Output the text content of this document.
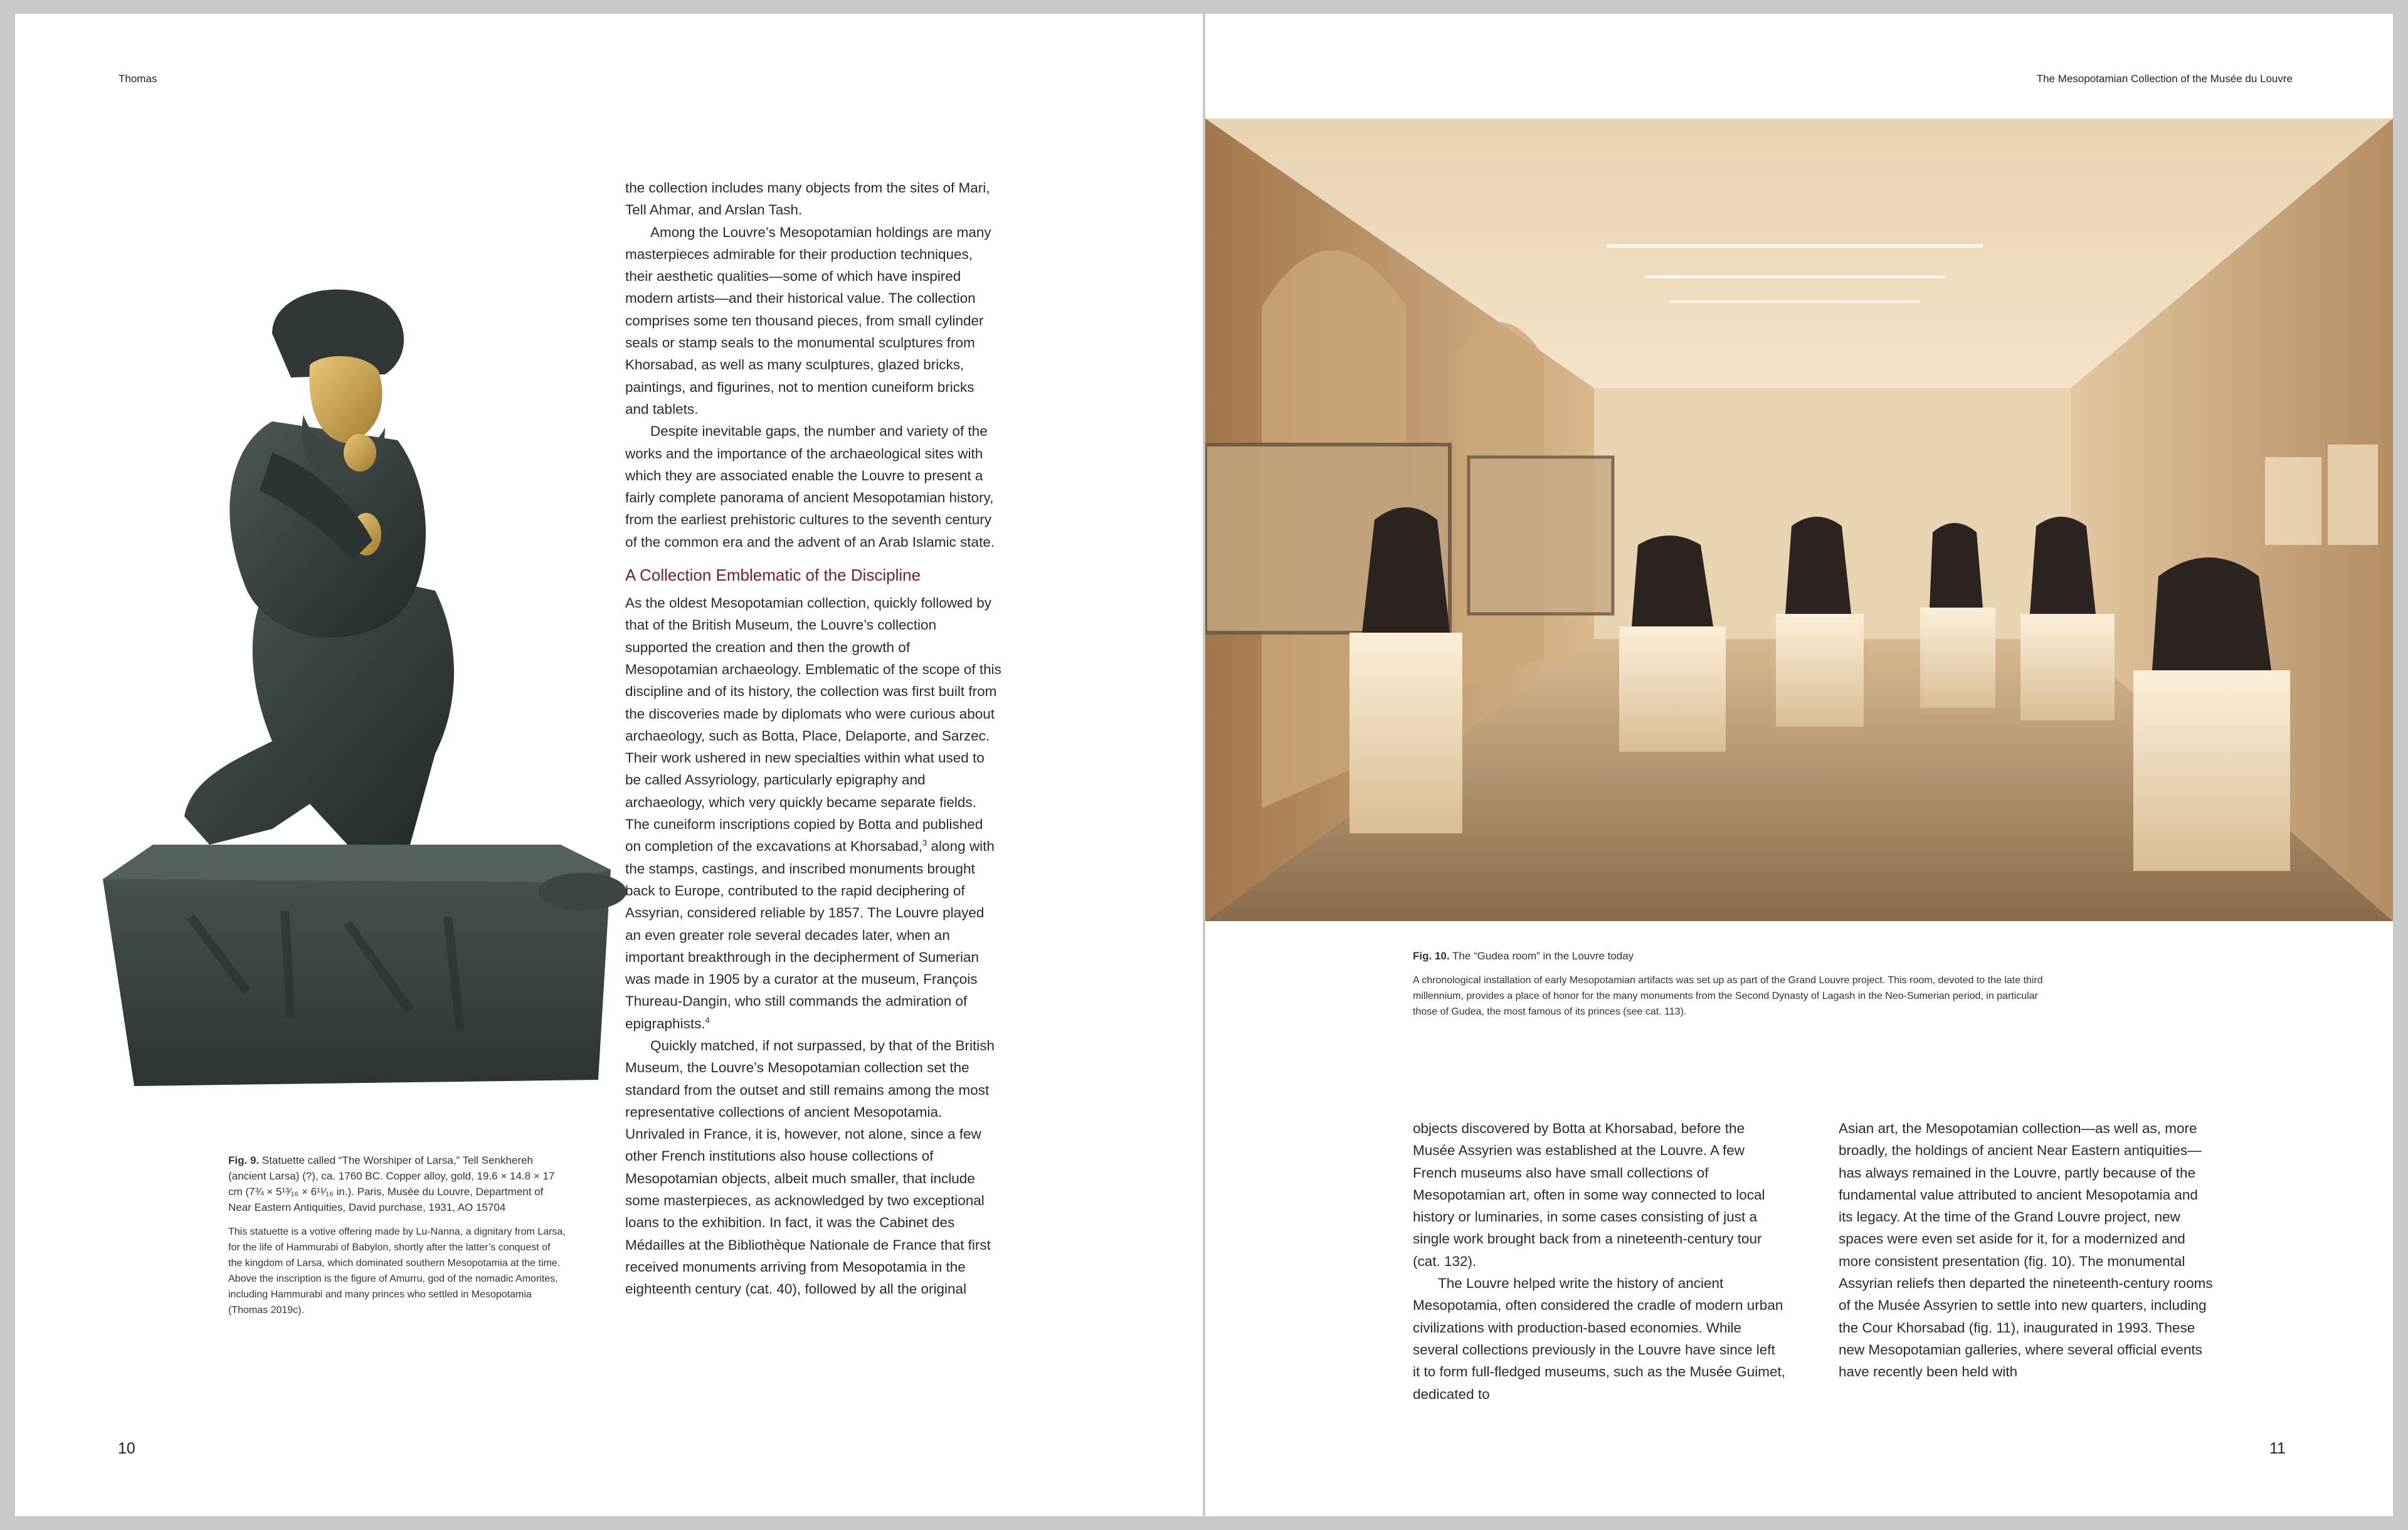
Thomas

Fig. 9. Statuette called “The Worshiper of Larsa,” Tell Senkhereh (ancient Larsa) (?), ca. 1760 BC. Copper alloy, gold, 19.6 × 14.8 × 17 cm (7¾ × 5¹³⁄₁₆ × 6¹¹⁄₁₆ in.). Paris, Musée du Louvre, Department of Near Eastern Antiquities, David purchase, 1931, AO 15704

This statuette is a votive offering made by Lu-Nanna, a dignitary from Larsa, for the life of Hammurabi of Babylon, shortly after the latter’s conquest of the kingdom of Larsa, which dominated southern Mesopotamia at the time. Above the inscription is the figure of Amurru, god of the nomadic Amorites, including Hammurabi and many princes who settled in Mesopotamia (Thomas 2019c).

the collection includes many objects from the sites of Mari, Tell Ahmar, and Arslan Tash.

Among the Louvre’s Mesopotamian holdings are many masterpieces admirable for their production techniques, their aesthetic qualities—some of which have inspired modern artists—and their historical value. The collection comprises some ten thousand pieces, from small cylinder seals or stamp seals to the monumental sculptures from Khorsabad, as well as many sculptures, glazed bricks, paintings, and figurines, not to mention cuneiform bricks and tablets.

Despite inevitable gaps, the number and variety of the works and the importance of the archaeological sites with which they are associated enable the Louvre to present a fairly complete panorama of ancient Mesopotamian history, from the earliest prehistoric cultures to the seventh century of the common era and the advent of an Arab Islamic state.

A Collection Emblematic of the Discipline

As the oldest Mesopotamian collection, quickly followed by that of the British Museum, the Louvre’s collection supported the creation and then the growth of Mesopotamian archaeology. Emblematic of the scope of this discipline and of its history, the collection was first built from the discoveries made by diplomats who were curious about archaeology, such as Botta, Place, Delaporte, and Sarzec. Their work ushered in new specialties within what used to be called Assyriology, particularly epigraphy and archaeology, which very quickly became separate fields. The cuneiform inscriptions copied by Botta and published on completion of the excavations at Khorsabad,$^3$ along with the stamps, castings, and inscribed monuments brought back to Europe, contributed to the rapid deciphering of Assyrian, considered reliable by 1857. The Louvre played an even greater role several decades later, when an important breakthrough in the decipherment of Sumerian was made in 1905 by a curator at the museum, François Thureau-Dangin, who still commands the admiration of epigraphists.$^4$

Quickly matched, if not surpassed, by that of the British Museum, the Louvre’s Mesopotamian collection set the standard from the outset and still remains among the most representative collections of ancient Mesopotamia. Unrivaled in France, it is, however, not alone, since a few other French institutions also house collections of Mesopotamian objects, albeit much smaller, that include some masterpieces, as acknowledged by two exceptional loans to the exhibition. In fact, it was the Cabinet des Médailles at the Bibliothèque Nationale de France that first received monuments arriving from Mesopotamia in the eighteenth century (cat. 40), followed by all the original

10
The Mesopotamian Collection of the Musée du Louvre

Fig. 10. The “Gudea room” in the Louvre today

A chronological installation of early Mesopotamian artifacts was set up as part of the Grand Louvre project. This room, devoted to the late third millennium, provides a place of honor for the many monuments from the Second Dynasty of Lagash in the Neo-Sumerian period, in particular those of Gudea, the most famous of its princes (see cat. 113).

objects discovered by Botta at Khorsabad, before the Musée Assyrien was established at the Louvre. A few French museums also have small collections of Mesopotamian art, often in some way connected to local history or luminaries, in some cases consisting of just a single work brought back from a nineteenth-century tour (cat. 132).

The Louvre helped write the history of ancient Mesopotamia, often considered the cradle of modern urban civilizations with production-based economies. While several collections previously in the Louvre have since left it to form full-fledged museums, such as the Musée Guimet, dedicated to

Asian art, the Mesopotamian collection—as well as, more broadly, the holdings of ancient Near Eastern antiquities—has always remained in the Louvre, partly because of the fundamental value attributed to ancient Mesopotamia and its legacy. At the time of the Grand Louvre project, new spaces were even set aside for it, for a modernized and more consistent presentation (fig. 10). The monumental Assyrian reliefs then departed the nineteenth-century rooms of the Musée Assyrien to settle into new quarters, including the Cour Khorsabad (fig. 11), inaugurated in 1993. These new Mesopotamian galleries, where several official events have recently been held with

11
